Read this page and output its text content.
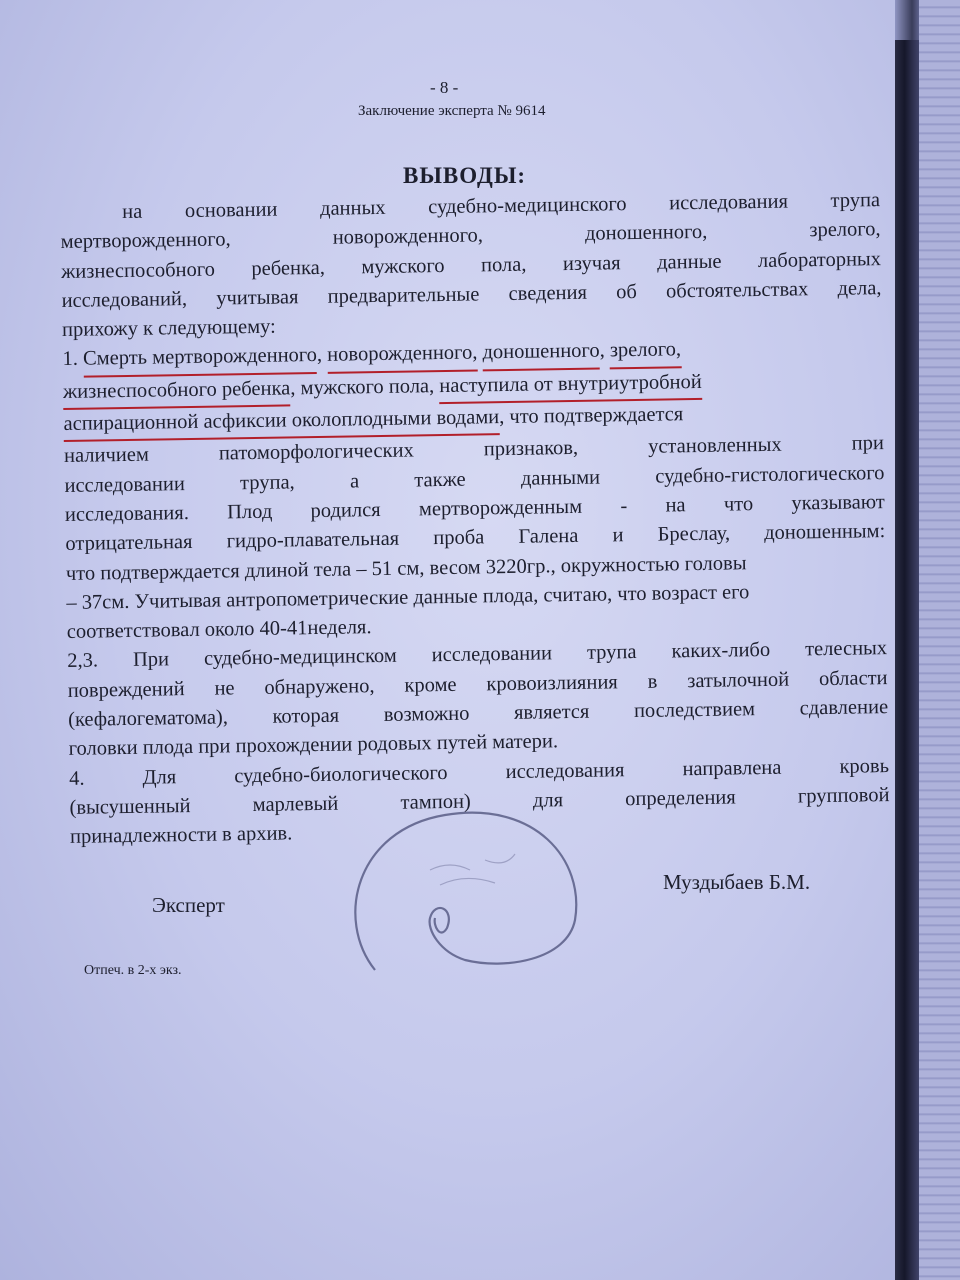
- 8 -
Заключение эксперта № 9614
ВЫВОДЫ:
на основании данных судебно-медицинского исследования трупа
мертворожденного,	новорожденного,	доношенного,	зрелого,
жизнеспособного ребенка, мужского пола, изучая данные лабораторных
исследований, учитывая предварительные сведения об обстоятельствах дела,
прихожу к следующему:
1. Смерть мертворожденного , новорожденного,
доношенного , зрелого,
жизнеспособного ребенка , мужского пола, наступила от внутриутробной
аспирационной асфиксии околоплодными водами , что подтверждается
наличием	патоморфологических	признаков,	установленных	при
исследовании	трупа,	а	также	данными	судебно-гистологического
исследования. Плод родился мертворожденным - на что указывают
отрицательная гидро-плавательная проба Галена и Бреслау, доношенным:
что подтверждается длиной тела – 51 см, весом 3220гр., окружностью головы
– 37см. Учитывая антропометрические данные плода, считаю, что возраст его
соответствовал около 40-41неделя.
2,3. При судебно-медицинском исследовании трупа каких-либо телесных
повреждений не обнаружено, кроме кровоизлияния в затылочной области
(кефалогематома), которая возможно является последствием сдавление
головки плода при прохождении родовых путей матери.
4.	Для	судебно-биологического	исследования	направлена	кровь
(высушенный	марлевый	тампон)	для	определения	групповой
принадлежности в архив.
Эксперт
Муздыбаев Б.М.
Отпеч. в 2-х экз.
